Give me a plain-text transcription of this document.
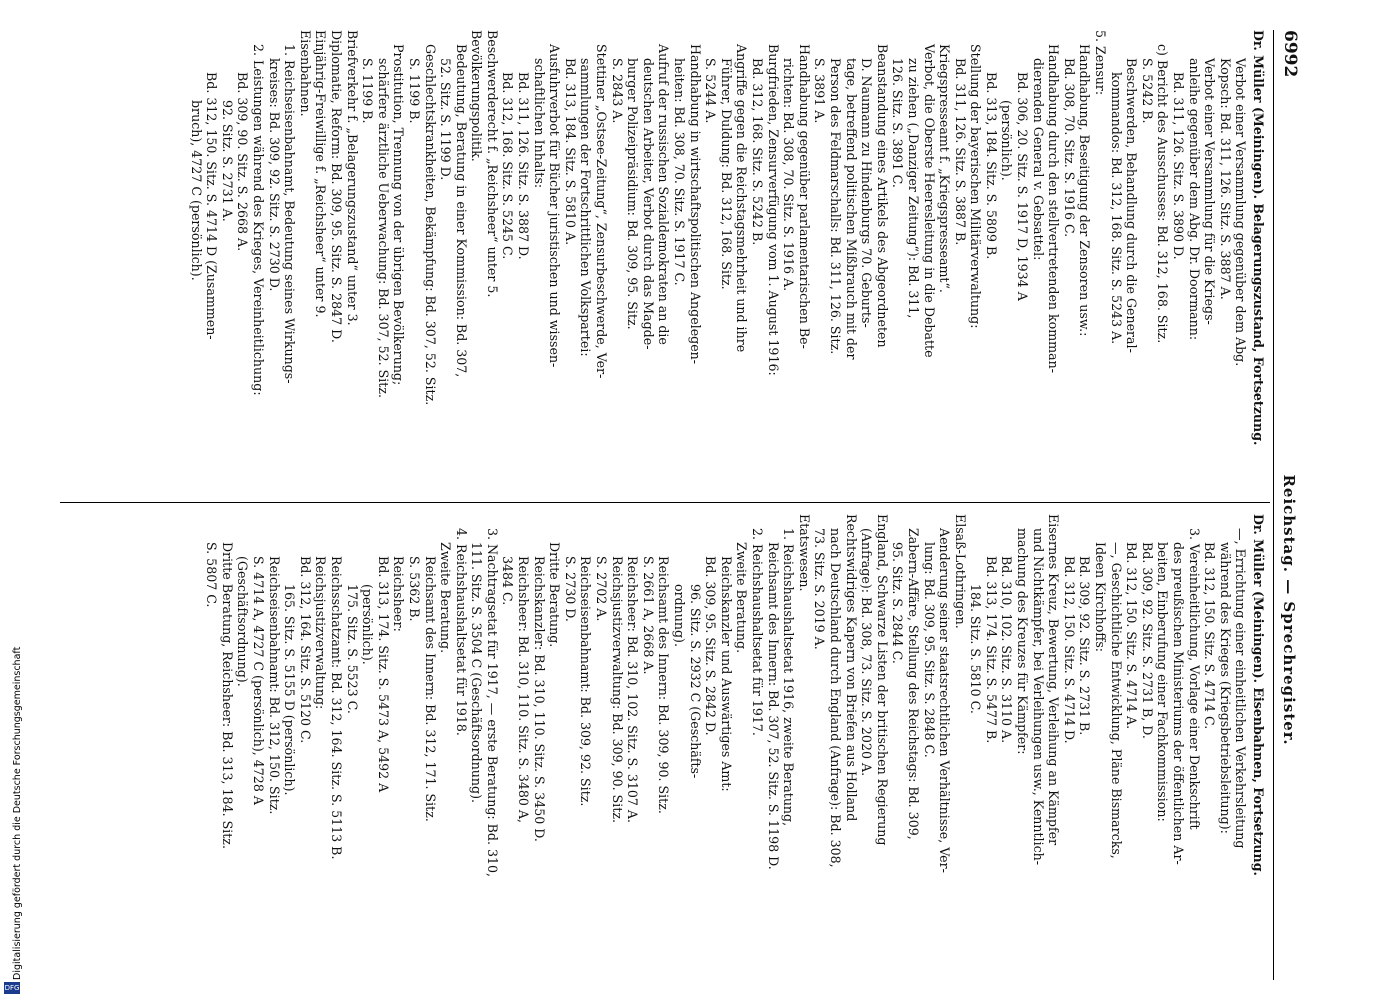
6992
Reichstag. — Sprechregister.
Dr. Müller (Meiningen). Belagerungszustand, Fortsetzung.
Verbot einer Versammlung gegenüber dem Abg.
Kopsch: Bd. 311, 126. Sitz. S. 3887 A.
Verbot einer Versammlung für die Kriegs-
anleihe gegenüber dem Abg. Dr. Doormann:
Bd. 311, 126. Sitz. S. 3890 D.
c) Bericht des Ausschusses: Bd. 312, 168. Sitz.
S. 5242 B.
Beschwerden, Behandlung durch die General-
kommandos: Bd. 312, 168. Sitz. S. 5243 A.
5. Zensur:
Handhabung, Beseitigung der Zensoren usw.:
Bd. 308, 70. Sitz. S. 1916 C.
Handhabung durch den stellvertretenden komman-
dierenden General v. Gebsattel:
Bd. 306, 20. Sitz. S. 1917 D, 1934 A
(persönlich).
Bd. 313, 184. Sitz. S. 5809 B.
Stellung der bayerischen Militärverwaltung:
Bd. 311, 126. Sitz. S. 3887 B.
Kriegspresseamt f. „Kriegspresseamt“.
Verbot, die Oberste Heeresleitung in die Debatte
zu ziehen („Danziger Zeitung“): Bd. 311,
126. Sitz. S. 3891 C.
Beanstandung eines Artikels des Abgeordneten
D. Naumann zu Hindenburgs 70. Geburts-
tage, betreffend politischen Mißbrauch mit der
Person des Feldmarschalls: Bd. 311, 126. Sitz.
S. 3891 A.
Handhabung gegenüber parlamentarischen Be-
richten: Bd. 308, 70. Sitz. S. 1916 A.
Burgfrieden, Zensurverfügung vom 1. August 1916:
Bd. 312, 168. Sitz. S. 5242 B.
Angriffe gegen die Reichstagsmehrheit und ihre
Führer, Duldung: Bd. 312, 168. Sitz.
S. 5244 A.
Handhabung in wirtschaftspolitischen Angelegen-
heiten: Bd. 308, 70. Sitz. S. 1917 C.
Aufruf der russischen Sozialdemokraten an die
deutschen Arbeiter, Verbot durch das Magde-
burger Polizeipräsidium: Bd. 309, 95. Sitz.
S. 2843 A.
Stettiner „Ostsee-Zeitung“, Zensurbeschwerde, Ver-
sammlungen der Fortschrittlichen Volkspartei:
Bd. 313, 184. Sitz. S. 5810 A.
Ausfuhrverbot für Bücher juristischen und wissen-
schaftlichen Inhalts:
Bd. 311, 126. Sitz. S. 3887 D.
Bd. 312, 168. Sitz. S. 5245 C.
Beschwerderecht f. „Reichsheer“ unter 5.
Bevölkerungspolitik.
Bedeutung, Beratung in einer Kommission: Bd. 307,
52. Sitz. S. 1199 D.
Geschlechtskrankheiten, Bekämpfung: Bd. 307, 52. Sitz.
S. 1199 B.
Prostitution, Trennung von der übrigen Bevölkerung;
schärfere ärztliche Ueberwachung: Bd. 307, 52. Sitz.
S. 1199 B.
Briefverkehr f. „Belagerungszustand“ unter 3.
Diplomatie, Reform: Bd. 309, 95. Sitz. S. 2847 D.
Einjährig-Freiwillige f. „Reichsheer“ unter 9.
Eisenbahnen.
1. Reichseisenbahnamt, Bedeutung seines Wirkungs-
kreises: Bd. 309, 92. Sitz. S. 2730 D.
2. Leistungen während des Krieges, Vereinheitlichung:
Bd. 309, 90. Sitz. S. 2668 A.
92. Sitz. S. 2731 A.
Bd. 312, 150. Sitz. S. 4714 D (Zusammen-
bruch), 4727 C (persönlich).
Dr. Müller (Meiningen). Eisenbahnen, Fortsetzung.
—, Errichtung einer einheitlichen Verkehrsleitung
während des Krieges (Kriegsbetriebsleitung):
Bd. 312, 150. Sitz. S. 4714 C.
3. Vereinheitlichung, Vorlage einer Denkschrift
des preußischen Ministeriums der öffentlichen Ar-
beiten, Einberufung einer Fachkommission:
Bd. 309, 92. Sitz. S. 2731 B, D.
Bd. 312, 150. Sitz. S. 4714 A.
—, Geschichtliche Entwicklung, Pläne Bismarcks,
Ideen Kirchhoffs:
Bd. 309, 92. Sitz. S. 2731 B.
Bd. 312, 150. Sitz. S. 4714 D.
Eisernes Kreuz, Bewertung, Verleihung an Kämpfer
und Nichtkämpfer, bei Verleihungen usw., Kenntlich-
machung des Kreuzes für Kämpfer:
Bd. 310, 102. Sitz. S. 3110 A.
Bd. 313, 174. Sitz. S. 5477 B.
184. Sitz. S. 5810 C.
Elsaß-Lothringen.
Aenderung seiner staatsrechtlichen Verhältnisse, Ver-
lung: Bd. 309, 95. Sitz. S. 2848 C.
Zabern-Affäre, Stellung des Reichstags: Bd. 309,
95. Sitz. S. 2844 C.
England, Schwarze Listen der britischen Regierung
(Anfrage): Bd. 308, 73. Sitz. S. 2020 A.
Rechtswidriges Kapern von Briefen aus Holland
nach Deutschland durch England (Anfrage): Bd. 308,
73. Sitz. S. 2019 A.
Etatswesen.
1. Reichshaushaltsetat 1916, zweite Beratung,
Reichsamt des Innern: Bd. 307, 52. Sitz. S. 1198 D.
2. Reichshaushaltsetat für 1917.
Zweite Beratung.
Reichskanzler und Auswärtiges Amt:
Bd. 309, 95. Sitz. S. 2842 D.
96. Sitz. S. 2932 C (Geschäfts-
ordnung).
Reichsamt des Innern: Bd. 309, 90. Sitz.
S. 2661 A, 2668 A.
Reichsheer: Bd. 310, 102. Sitz. S. 3107 A.
Reichsjustizverwaltung: Bd. 309, 90. Sitz.
S. 2702 A.
Reichseisenbahnamt: Bd. 309, 92. Sitz.
S. 2730 D.
Dritte Beratung.
Reichskanzler: Bd. 310, 110. Sitz. S. 3450 D.
Reichsheer: Bd. 310, 110. Sitz. S. 3480 A,
3484 C.
3. Nachtragsetat für 1917, — erste Beratung: Bd. 310,
111. Sitz. S. 3504 C (Geschäftsordnung).
4. Reichshaushaltsetat für 1918.
Zweite Beratung.
Reichsamt des Innern: Bd. 312, 171. Sitz.
S. 5362 B.
Reichsheer:
Bd. 313, 174. Sitz. S. 5473 A, 5492 A
(persönlich).
175. Sitz. S. 5523 C.
Reichsschatzamt: Bd. 312, 164. Sitz. S. 5113 B.
Reichsjustizverwaltung:
Bd. 312, 164. Sitz. S. 5120 C.
165. Sitz. S. 5155 D (persönlich).
Reichseisenbahnamt: Bd. 312, 150. Sitz.
S. 4714 A, 4727 C (persönlich), 4728 A
(Geschäftsordnung).
Dritte Beratung, Reichsheer: Bd. 313, 184. Sitz.
S. 5807 C.
Digitalisierung gefördert durch die Deutsche Forschungsgemeinschaft
DFG
